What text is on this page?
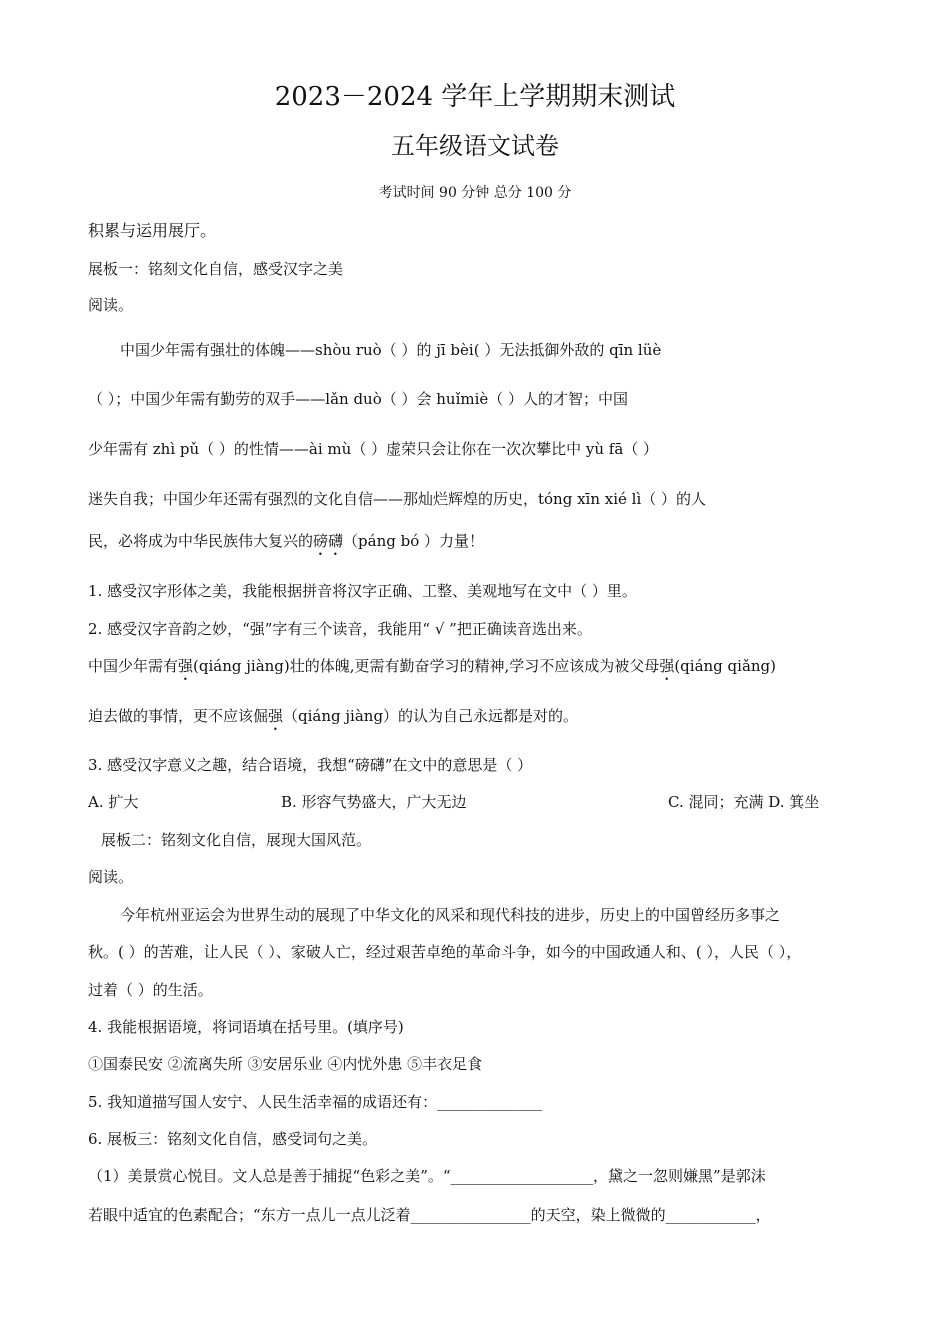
2023－2024 学年上学期期末测试
五年级语文试卷
考试时间 90 分钟 总分 100 分
积累与运用展厅。
展板一：铭刻文化自信，感受汉字之美
阅读。
中国少年需有强壮的体魄——shòu ruò（ ）的 jī bèi( ）无法抵御外敌的 qīn lüè
（ ）；中国少年需有勤劳的双手——lǎn duò（ ）会 huǐmiè（ ）人的才智；中国
少年需有 zhì pǔ（ ）的性情——ài mù（ ）虚荣只会让你在一次次攀比中 yù fā（ ）
迷失自我；中国少年还需有强烈的文化自信——那灿烂辉煌的历史，tóng xīn xié lì（ ）的人
民，必将成为中华民族伟大复兴的磅礴（páng bó ）力量！
1. 感受汉字形体之美，我能根据拼音将汉字正确、工整、美观地写在文中（ ）里。
2. 感受汉字音韵之妙，“强”字有三个读音，我能用“ √ ”把正确读音选出来。
中国少年需有强(qiáng jiàng)壮的体魄,更需有勤奋学习的精神,学习不应该成为被父母强(qiáng qiǎng)
迫去做的事情，更不应该倔强（qiáng jiàng）的认为自己永远都是对的。
3. 感受汉字意义之趣，结合语境，我想“磅礴”在文中的意思是（ ）
A. 扩大	B. 形容气势盛大，广大无边	C. 混同；充满 D. 箕坐
展板二：铭刻文化自信，展现大国风范。
阅读。
今年杭州亚运会为世界生动的展现了中华文化的风采和现代科技的进步，历史上的中国曾经历多事之
秋。( ）的苦难，让人民（ ）、家破人亡，经过艰苦卓绝的革命斗争，如今的中国政通人和、( ），人民（ ），
过着（ ）的生活。
4. 我能根据语境，将词语填在括号里。(填序号)
①国泰民安 ②流离失所 ③安居乐业 ④内忧外患 ⑤丰衣足食
5. 我知道描写国人安宁、人民生活幸福的成语还有：______________
6. 展板三：铭刻文化自信，感受词句之美。
（1）美景赏心悦目。文人总是善于捕捉“色彩之美”。“___________________，黛之一忽则嫌黑”是郭沫
若眼中适宜的色素配合；“东方一点儿一点儿泛着________________的天空，染上微微的____________，
